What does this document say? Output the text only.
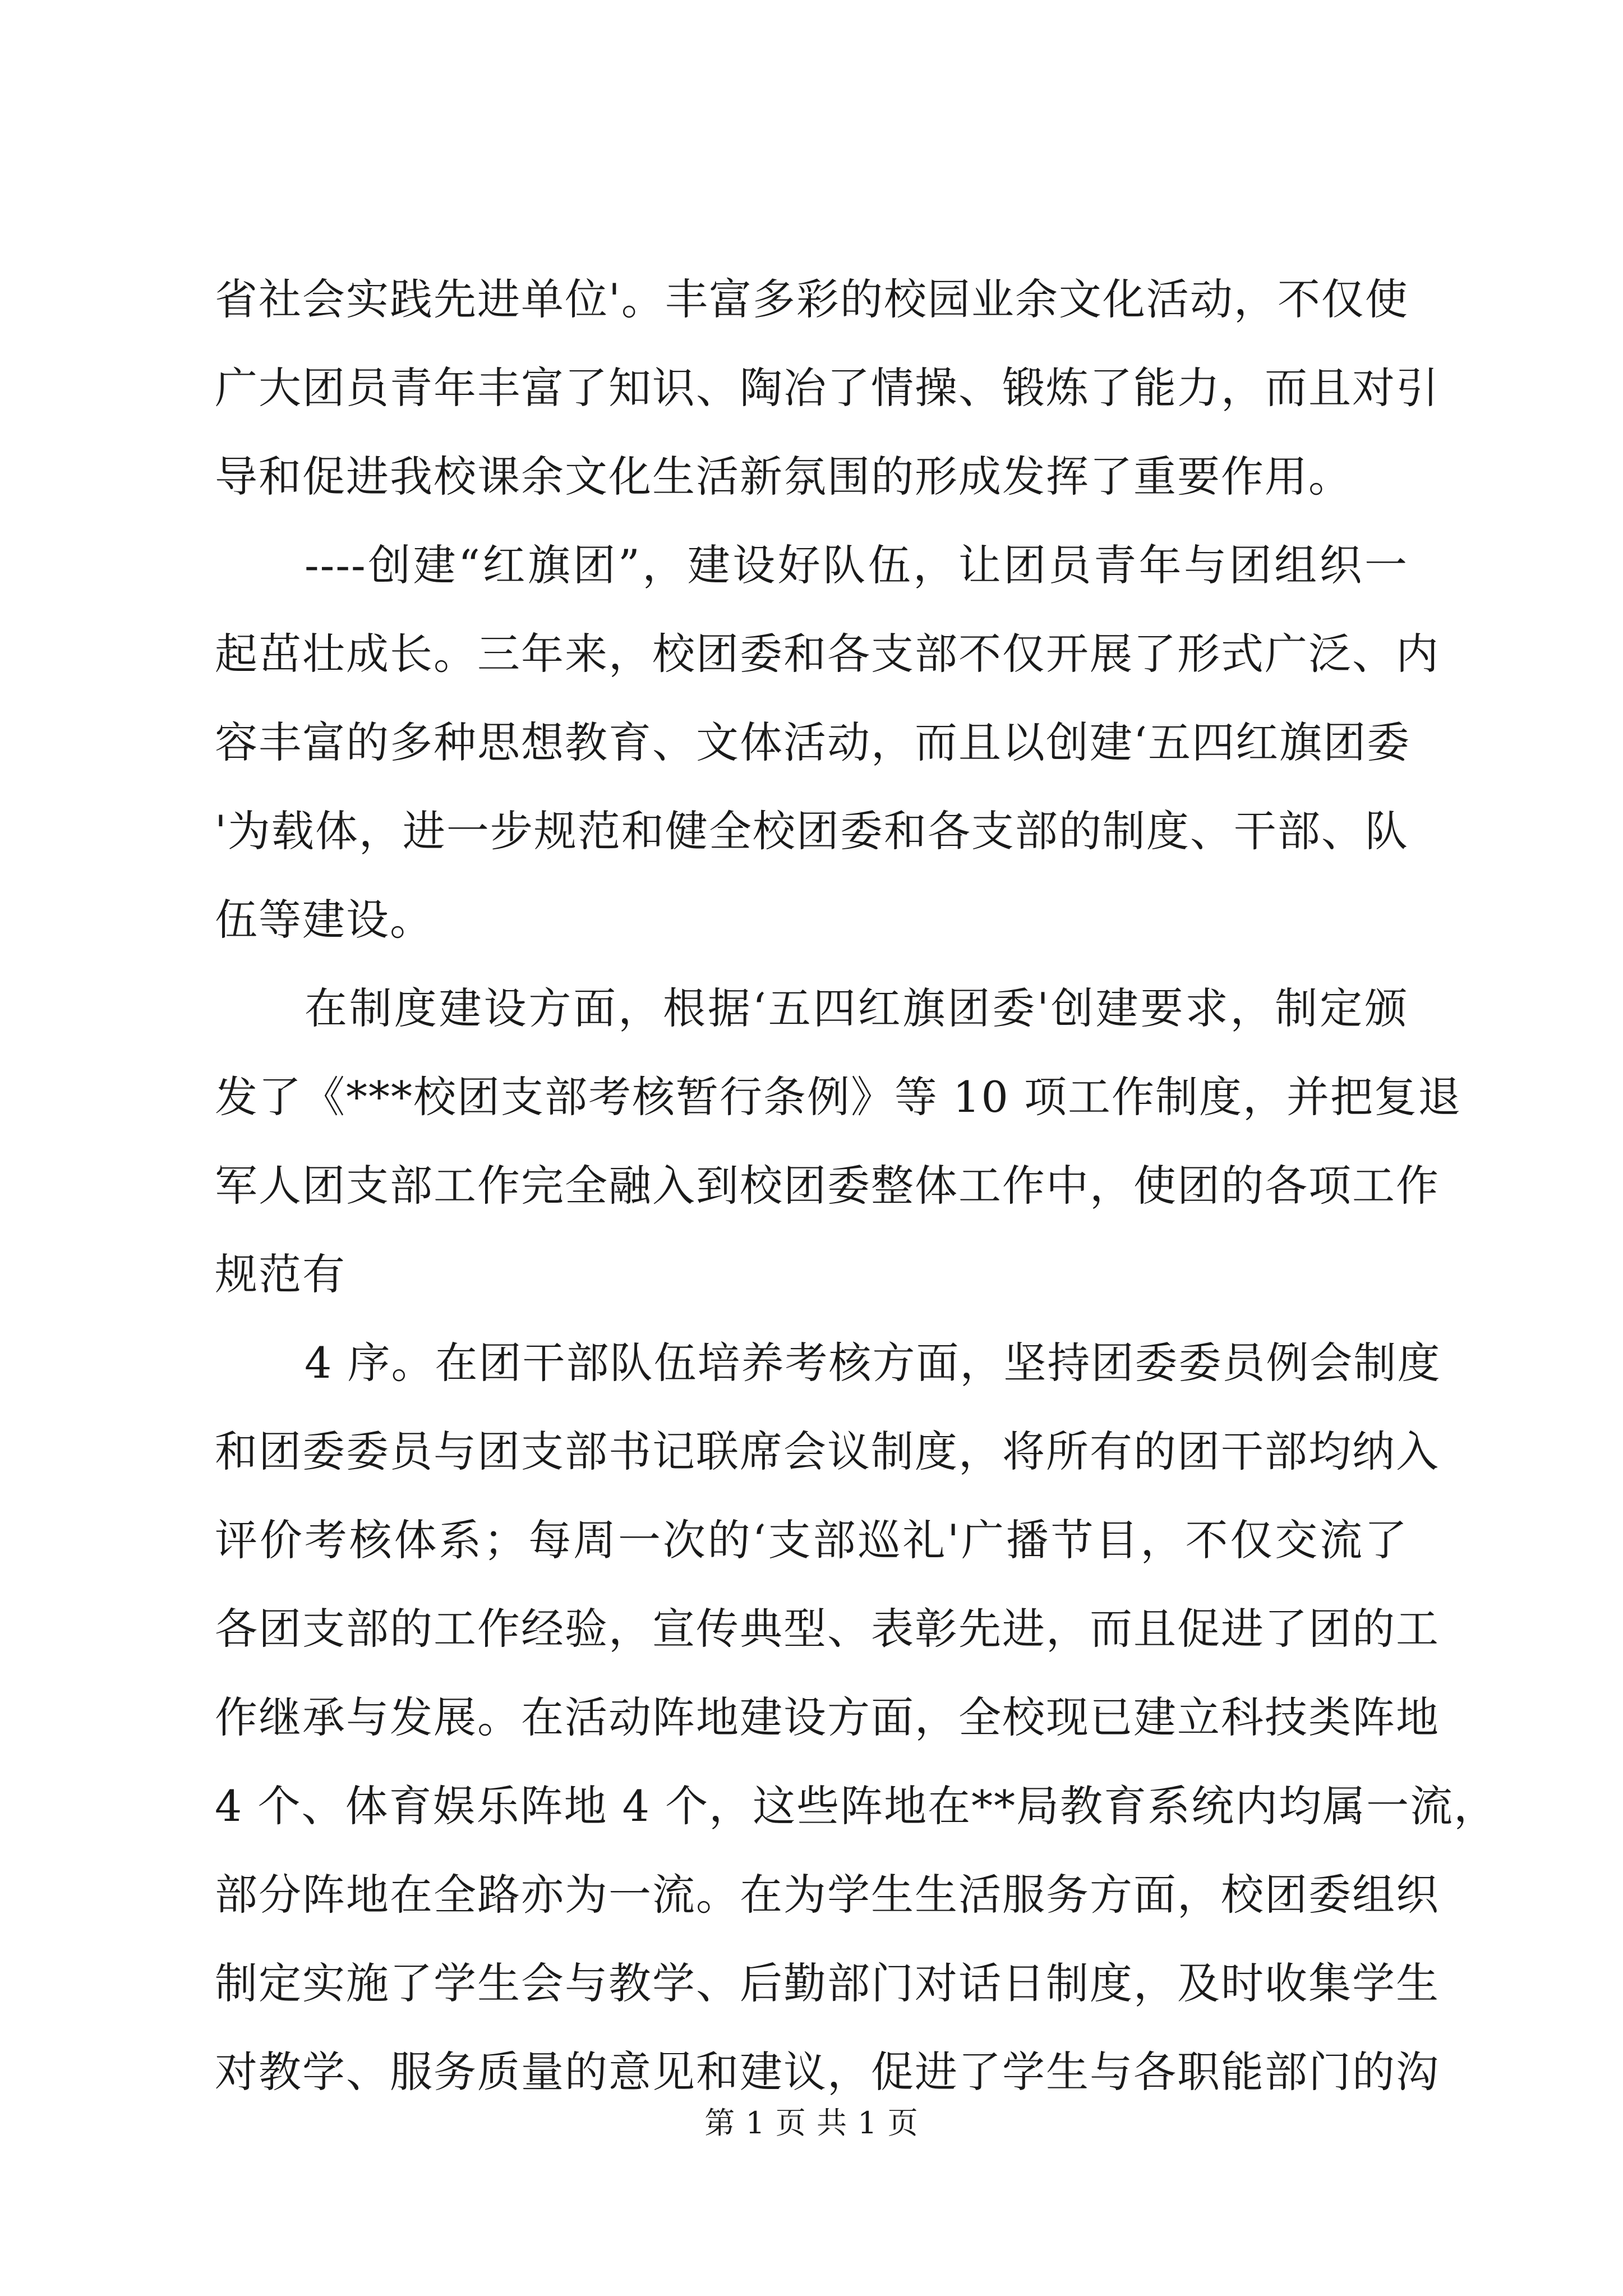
省社会实践先进单位'。丰富多彩的校园业余文化活动，不仅使
广大团员青年丰富了知识、陶冶了情操、锻炼了能力，而且对引
导和促进我校课余文化生活新氛围的形成发挥了重要作用。
----创建“红旗团”，建设好队伍，让团员青年与团组织一
起茁壮成长。三年来，校团委和各支部不仅开展了形式广泛、内
容丰富的多种思想教育、文体活动，而且以创建‘五四红旗团委
'为载体，进一步规范和健全校团委和各支部的制度、干部、队
伍等建设。
在制度建设方面，根据‘五四红旗团委'创建要求，制定颁
发了《***校团支部考核暂行条例》等 10 项工作制度，并把复退
军人团支部工作完全融入到校团委整体工作中，使团的各项工作
规范有
4 序。在团干部队伍培养考核方面，坚持团委委员例会制度
和团委委员与团支部书记联席会议制度，将所有的团干部均纳入
评价考核体系；每周一次的‘支部巡礼'广播节目，不仅交流了
各团支部的工作经验，宣传典型、表彰先进，而且促进了团的工
作继承与发展。在活动阵地建设方面，全校现已建立科技类阵地
4 个、体育娱乐阵地 4 个，这些阵地在**局教育系统内均属一流，
部分阵地在全路亦为一流。在为学生生活服务方面，校团委组织
制定实施了学生会与教学、后勤部门对话日制度，及时收集学生
对教学、服务质量的意见和建议，促进了学生与各职能部门的沟
第 1 页 共 1 页
